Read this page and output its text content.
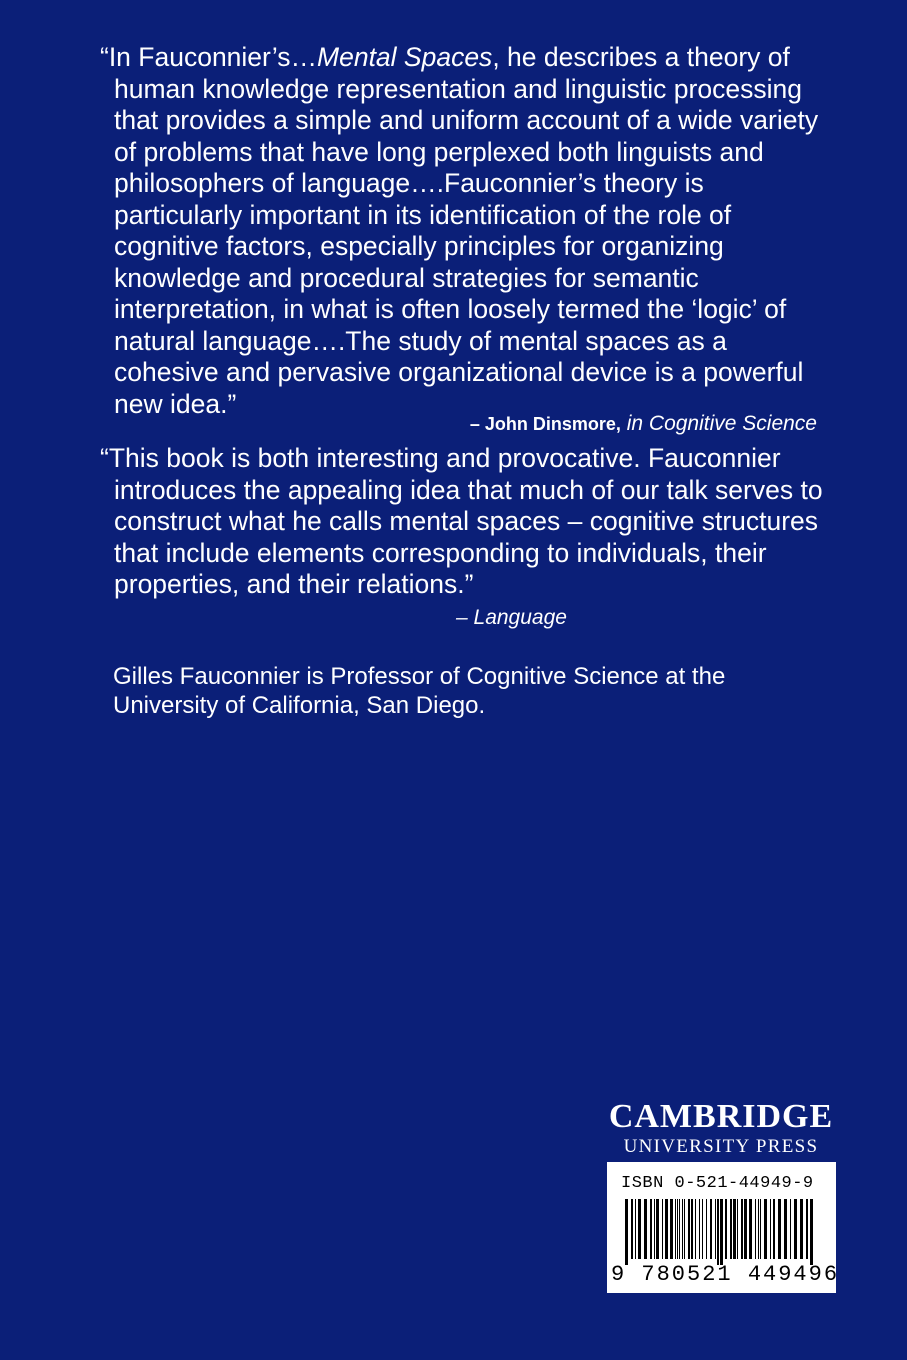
“In Fauconnier’s…Mental Spaces, he describes a theory of human knowledge representation and linguistic processing that provides a simple and uniform account of a wide variety of problems that have long perplexed both linguists and philosophers of language….Fauconnier’s theory is particularly important in its identification of the role of cognitive factors, especially principles for organizing knowledge and procedural strategies for semantic interpretation, in what is often loosely termed the ‘logic’ of natural language….The study of mental spaces as a cohesive and pervasive organizational device is a powerful new idea.”

– John Dinsmore, in Cognitive Science

“This book is both interesting and provocative. Fauconnier introduces the appealing idea that much of our talk serves to construct what he calls mental spaces – cognitive structures that include elements corresponding to individuals, their properties, and their relations.”

– Language
Gilles Fauconnier is Professor of Cognitive Science at the University of California, San Diego.
CAMBRIDGE
UNIVERSITY PRESS
ISBN 0-521-44949-9
9 780521 449496
